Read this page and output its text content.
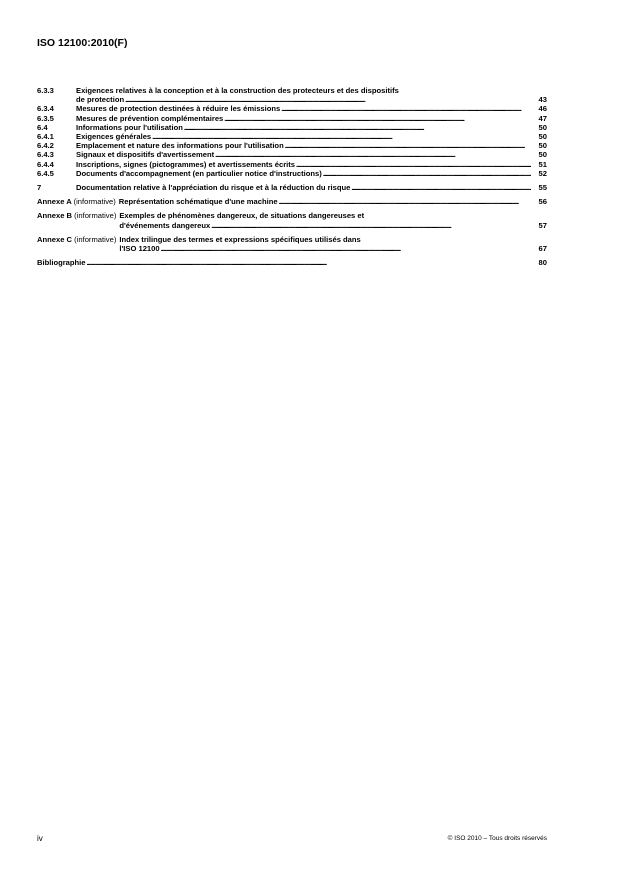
ISO 12100:2010(F)
6.3.3	Exigences relatives à la conception et à la construction des protecteurs et des dispositifs
de protection . . .	43
6.3.4	Mesures de protection destinées à réduire les émissions . . .	46
6.3.5	Mesures de prévention complémentaires . . .	47
6.4	Informations pour l'utilisation . . .	50
6.4.1	Exigences générales . . .	50
6.4.2	Emplacement et nature des informations pour l'utilisation . . .	50
6.4.3	Signaux et dispositifs d'avertissement . . .	50
6.4.4	Inscriptions, signes (pictogrammes) et avertissements écrits . . .	51
6.4.5	Documents d'accompagnement (en particulier notice d'instructions) . . .	52
7	Documentation relative à l'appréciation du risque et à la réduction du risque . . .	55
Annexe A (informative) Représentation schématique d'une machine . . .	56
Annexe B (informative) Exemples de phénomènes dangereux, de situations dangereuses et
d'événements dangereux . . .	57
Annexe C (informative) Index trilingue des termes et expressions spécifiques utilisés dans
l'ISO 12100 . . .	67
Bibliographie . . .	80
iv	© ISO 2010 – Tous droits réservés
